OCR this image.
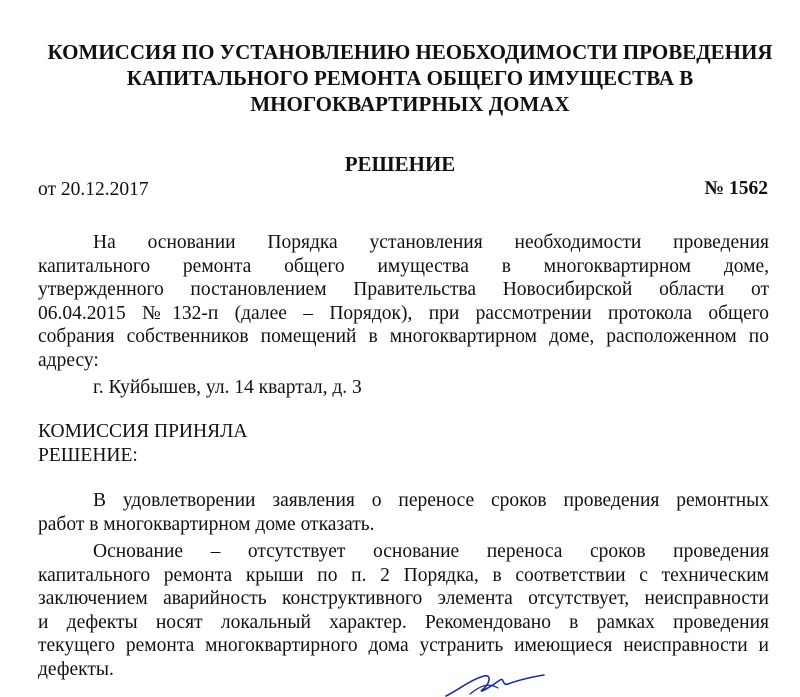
КОМИССИЯ ПО УСТАНОВЛЕНИЮ НЕОБХОДИМОСТИ ПРОВЕДЕНИЯ
КАПИТАЛЬНОГО РЕМОНТА ОБЩЕГО ИМУЩЕСТВА В
МНОГОКВАРТИРНЫХ ДОМАХ
РЕШЕНИЕ
от 20.12.2017	№ 1562
На основании Порядка установления необходимости проведения
капитального ремонта общего имущества в многоквартирном доме,
утвержденного постановлением Правительства Новосибирской области от
06.04.2015 №132-п (далее – Порядок), при рассмотрении протокола общего
собрания собственников помещений в многоквартирном доме, расположенном по
адресу:
г. Куйбышев, ул. 14 квартал, д. 3
КОМИССИЯ ПРИНЯЛА
РЕШЕНИЕ:
В удовлетворении заявления о переносе сроков проведения ремонтных
работ в многоквартирном доме отказать.
Основание – отсутствует основание переноса сроков проведения
капитального ремонта крыши по п. 2 Порядка, в соответствии с техническим
заключением аварийность конструктивного элемента отсутствует, неисправности
и дефекты носят локальный характер. Рекомендовано в рамках проведения
текущего ремонта многоквартирного дома устранить имеющиеся неисправности и
дефекты.
